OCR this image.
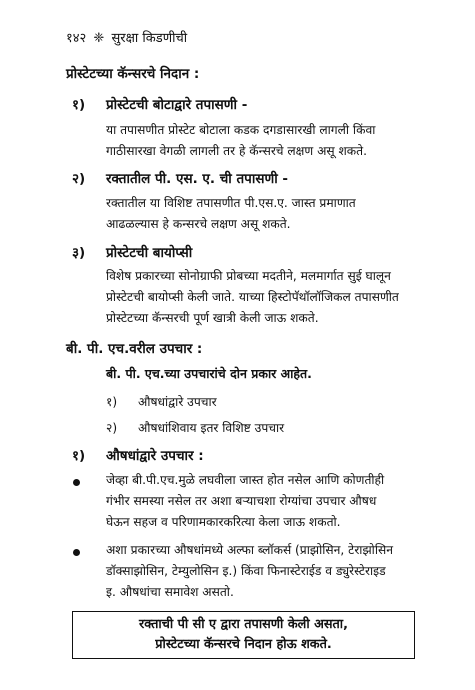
१४२ ❈ सुरक्षा किडणीची
प्रोस्टेटच्या कॅन्सरचे निदान :
१) प्रोस्टेटची बोटाद्वारे तपासणी -
या तपासणीत प्रोस्टेट बोटाला कडक दगडासारखी लागली किंवा
गाठीसारखा वेगळी लागली तर हे कॅन्सरचे लक्षण असू शकते.
२) रक्तातील पी. एस. ए. ची तपासणी -
रक्तातील या विशिष्ट तपासणीत पी.एस.ए. जास्त प्रमाणात
आढळल्यास हे कन्सरचे लक्षण असू शकते.
३) प्रोस्टेटची बायोप्सी
विशेष प्रकारच्या सोनोग्राफी प्रोबच्या मदतीने, मलमार्गात सुई घालून
प्रोस्टेटची बायोप्सी केली जाते. याच्या हिस्टोपॅथॉलॉजिकल तपासणीत
प्रोस्टेटच्या कॅन्सरची पूर्ण खात्री केली जाऊ शकते.
बी. पी. एच.वरील उपचार :
बी. पी. एच.च्या उपचारांचे दोन प्रकार आहेत.
१) औषधांद्वारे उपचार
२) औषधांशिवाय इतर विशिष्ट उपचार
१) औषधांद्वारे उपचार :
जेव्हा बी.पी.एच.मुळे लघवीला जास्त होत नसेल आणि कोणतीही
गंभीर समस्या नसेल तर अशा बऱ्याचशा रोग्यांचा उपचार औषध
घेऊन सहज व परिणामकारकरित्या केला जाऊ शकतो.
अशा प्रकारच्या औषधांमध्ये अल्फा ब्लॉकर्स (प्राझोसिन, टेराझोसिन
डॉक्साझोसिन, टेम्युलोसिन इ.) किंवा फिनास्टेराईड व ड्युरेस्टेराइड
इ. औषधांचा समावेश असतो.
रक्ताची पी सी ए द्वारा तपासणी केली असता,
प्रोस्टेटच्या कॅन्सरचे निदान होऊ शकते.
